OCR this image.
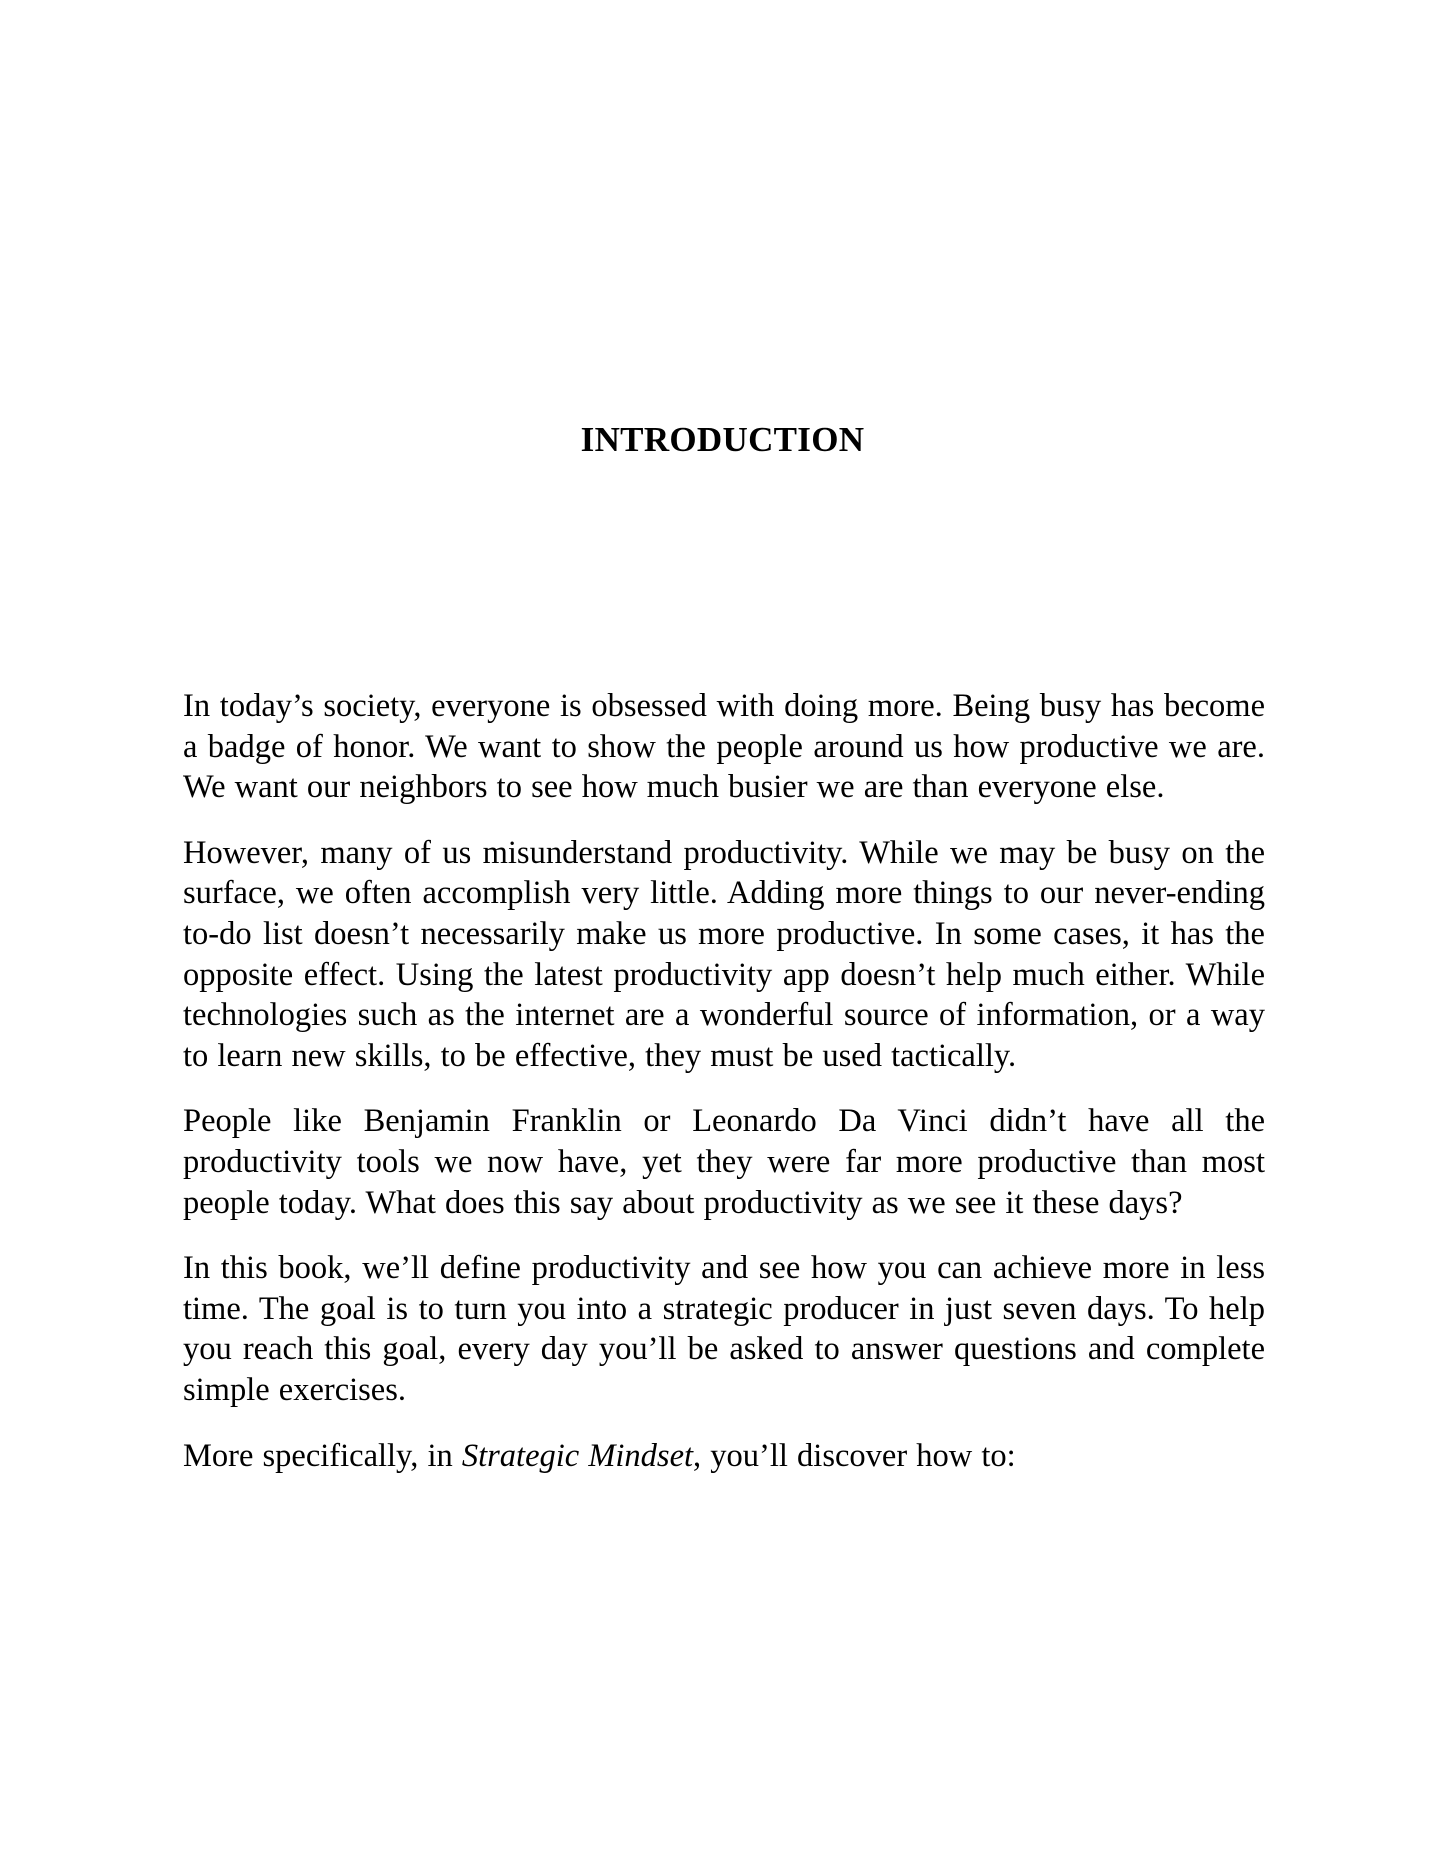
INTRODUCTION

In today’s society, everyone is obsessed with doing more. Being busy has become a badge of honor. We want to show the people around us how productive we are. We want our neighbors to see how much busier we are than everyone else.

However, many of us misunderstand productivity. While we may be busy on the surface, we often accomplish very little. Adding more things to our never-ending to-do list doesn’t necessarily make us more productive. In some cases, it has the opposite effect. Using the latest productivity app doesn’t help much either. While technologies such as the internet are a wonderful source of information, or a way to learn new skills, to be effective, they must be used tactically.

People like Benjamin Franklin or Leonardo Da Vinci didn’t have all the productivity tools we now have, yet they were far more productive than most people today. What does this say about productivity as we see it these days?

In this book, we’ll define productivity and see how you can achieve more in less time. The goal is to turn you into a strategic producer in just seven days. To help you reach this goal, every day you’ll be asked to answer questions and complete simple exercises.

More specifically, in Strategic Mindset, you’ll discover how to:
